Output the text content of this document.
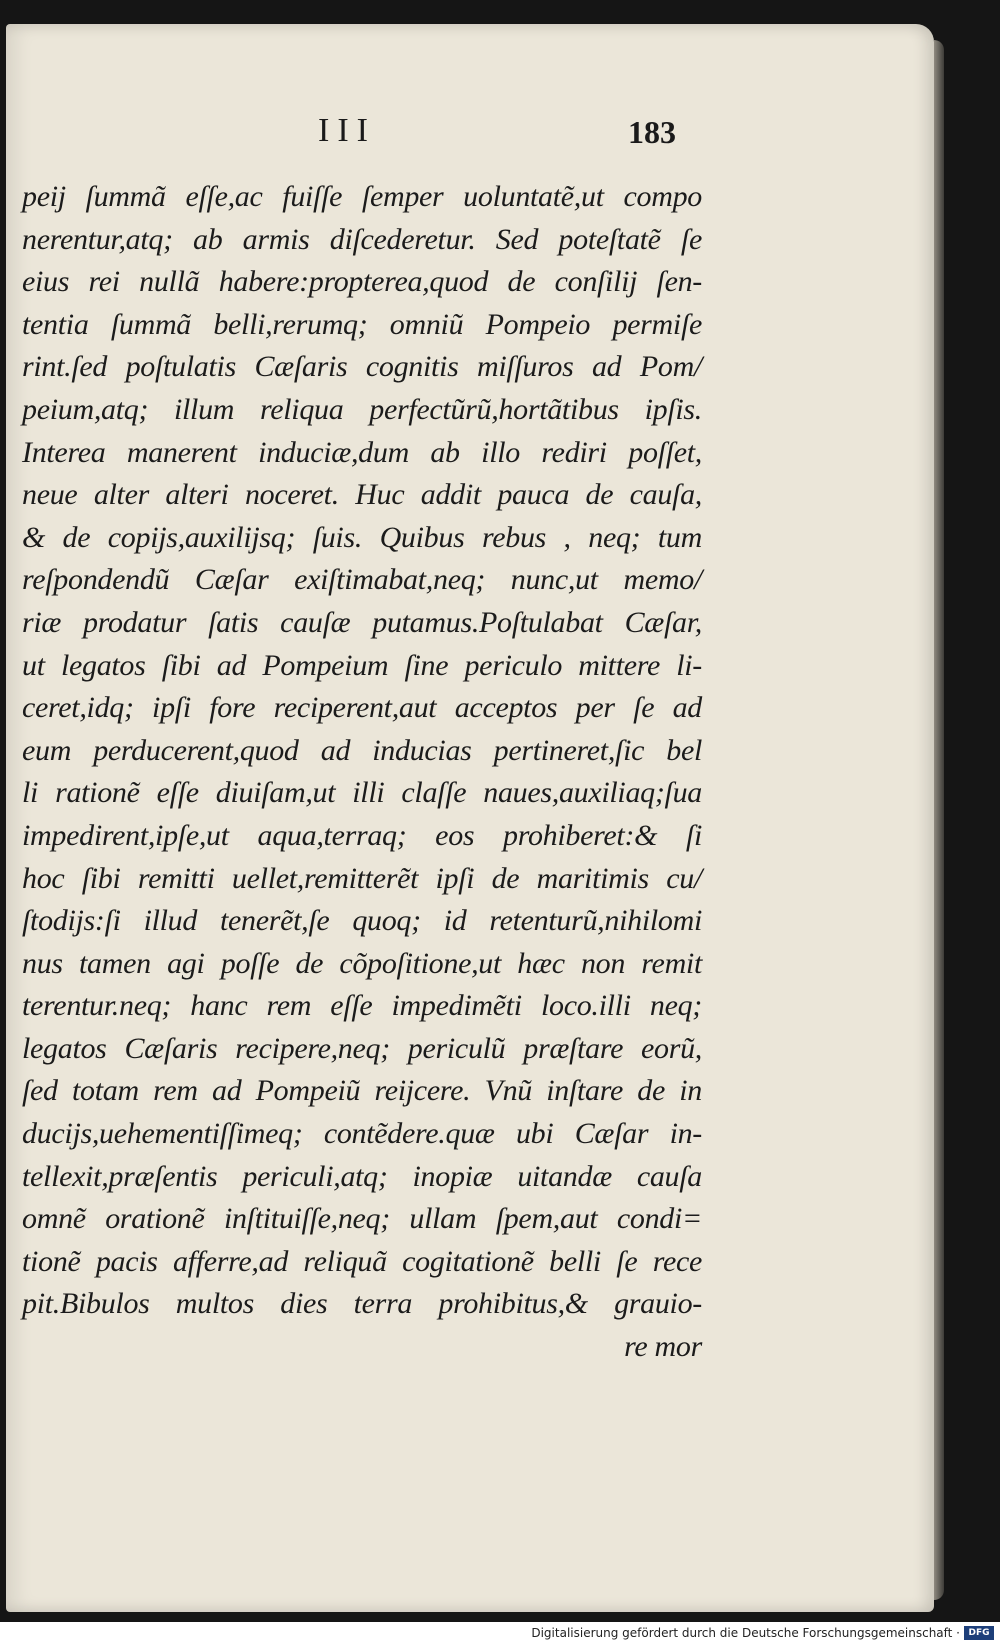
III	183
peij ſummã eſſe,ac fuiſſe ſemper uoluntatẽ,ut compo
nerentur,atq; ab armis diſcederetur. Sed poteſtatẽ ſe
eius rei nullã habere:propterea,quod de conſilij ſen-
tentia ſummã belli,rerumq; omniũ Pompeio permiſe
rint.ſed poſtulatis Cæſaris cognitis miſſuros ad Pom/
peium,atq; illum reliqua perfectũrũ,hortãtibus ipſis.
Interea manerent induciæ,dum ab illo rediri poſſet,
neue alter alteri noceret. Huc addit pauca de cauſa,
& de copijs,auxilijsq; ſuis. Quibus rebus , neq; tum
reſpondendũ Cæſar exiſtimabat,neq; nunc,ut memo/
riæ prodatur ſatis cauſæ putamus.Poſtulabat Cæſar,
ut legatos ſibi ad Pompeium ſine periculo mittere li-
ceret,idq; ipſi fore reciperent,aut acceptos per ſe ad
eum perducerent,quod ad inducias pertineret,ſic bel
li rationẽ eſſe diuiſam,ut illi claſſe naues,auxiliaq;ſua
impedirent,ipſe,ut aqua,terraq; eos prohiberet:& ſi
hoc ſibi remitti uellet,remitterẽt ipſi de maritimis cu/
ſtodijs:ſi illud tenerẽt,ſe quoq; id retenturũ,nihilomi
nus tamen agi poſſe de cõpoſitione,ut hæc non remit
terentur.neq; hanc rem eſſe impedimẽti loco.illi neq;
legatos Cæſaris recipere,neq; periculũ præſtare eorũ,
ſed totam rem ad Pompeiũ reijcere. Vnũ inſtare de in
ducijs,uehementiſſimeq; contẽdere.quæ ubi Cæſar in-
tellexit,præſentis periculi,atq; inopiæ uitandæ cauſa
omnẽ orationẽ inſtituiſſe,neq; ullam ſpem,aut condi=
tionẽ pacis afferre,ad reliquã cogitationẽ belli ſe rece
pit.Bibulos multos dies terra prohibitus,& grauio-
re mor
Digitalisierung gefördert durch die Deutsche Forschungsgemeinschaft · DFG
